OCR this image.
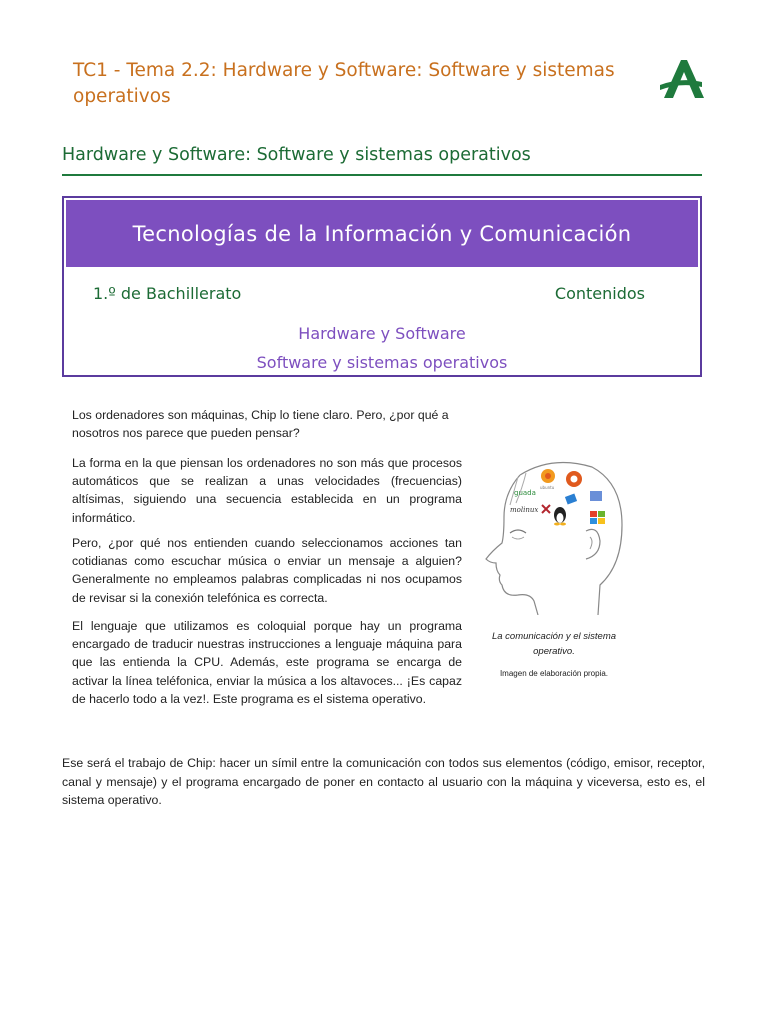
TC1 - Tema 2.2: Hardware y Software: Software y sistemas operativos
Hardware y Software: Software y sistemas operativos
Tecnologías de la Información y Comunicación
1.º de Bachillerato	Contenidos
Hardware y Software
Software y sistemas operativos

Los ordenadores son máquinas, Chip lo tiene claro. Pero, ¿por qué a nosotros nos parece que pueden pensar?

La forma en la que piensan los ordenadores no son más que procesos automáticos que se realizan a unas velocidades (frecuencias) altísimas, siguiendo una secuencia establecida en un programa informático.

Pero, ¿por qué nos entienden cuando seleccionamos acciones tan cotidianas como escuchar música o enviar un mensaje a alguien? Generalmente no empleamos palabras complicadas ni nos ocupamos de revisar si la conexión telefónica es correcta.

El lenguaje que utilizamos es coloquial porque hay un programa encargado de traducir nuestras instrucciones a lenguaje máquina para que las entienda la CPU. Además, este programa se encarga de activar la línea teléfonica, enviar la música a los altavoces... ¡Es capaz de hacerlo todo a la vez!. Este programa es el sistema operativo.

guada
ubuntu
molinux
La comunicación y el sistema operativo.
Imagen de elaboración propia.

Ese será el trabajo de Chip: hacer un símil entre la comunicación con todos sus elementos (código, emisor, receptor, canal y mensaje) y el programa encargado de poner en contacto al usuario con la máquina y viceversa, esto es, el sistema operativo.
